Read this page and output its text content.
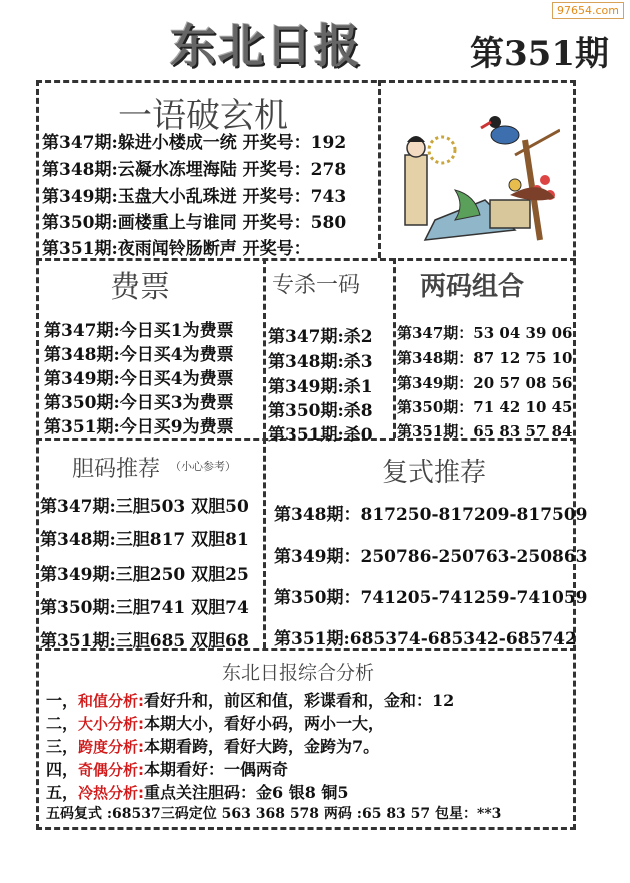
97654.com
东北日报	第351期
一语破玄机
第347期:躲进小楼成一统 开奖号：192
第348期:云凝水冻埋海陆 开奖号：278
第349期:玉盘大小乱珠迸 开奖号：743
第350期:画楼重上与谁同 开奖号：580
第351期:夜雨闻铃肠断声 开奖号：
费票
第347期:今日买1为费票
第348期:今日买4为费票
第349期:今日买4为费票
第350期:今日买3为费票
第351期:今日买9为费票
专杀一码
第347期:杀2
第348期:杀3
第349期:杀1
第350期:杀8
第351期:杀0
两码组合
第347期：53 04 39 06
第348期：87 12 75 10
第349期：20 57 08 56
第350期：71 42 10 45
第351期：65 83 57 84
胆码推荐 （小心参考）
第347期:三胆503 双胆50
第348期:三胆817 双胆81
第349期:三胆250 双胆25
第350期:三胆741 双胆74
第351期:三胆685 双胆68
复式推荐
第348期：817250-817209-817509
第349期：250786-250763-250863
第350期：741205-741259-741059
第351期:685374-685342-685742
东北日报综合分析
一，和值分析:看好升和，前区和值，彩谍看和，金和：12
二，大小分析:本期大小，看好小码，两小一大，
三，跨度分析:本期看跨，看好大跨，金跨为7。
四，奇偶分析:本期看好：一偶两奇
五，冷热分析:重点关注胆码：金6 银8 铜5
五码复式 :68537三码定位 563 368 578 两码 :65 83 57 包星：**3
